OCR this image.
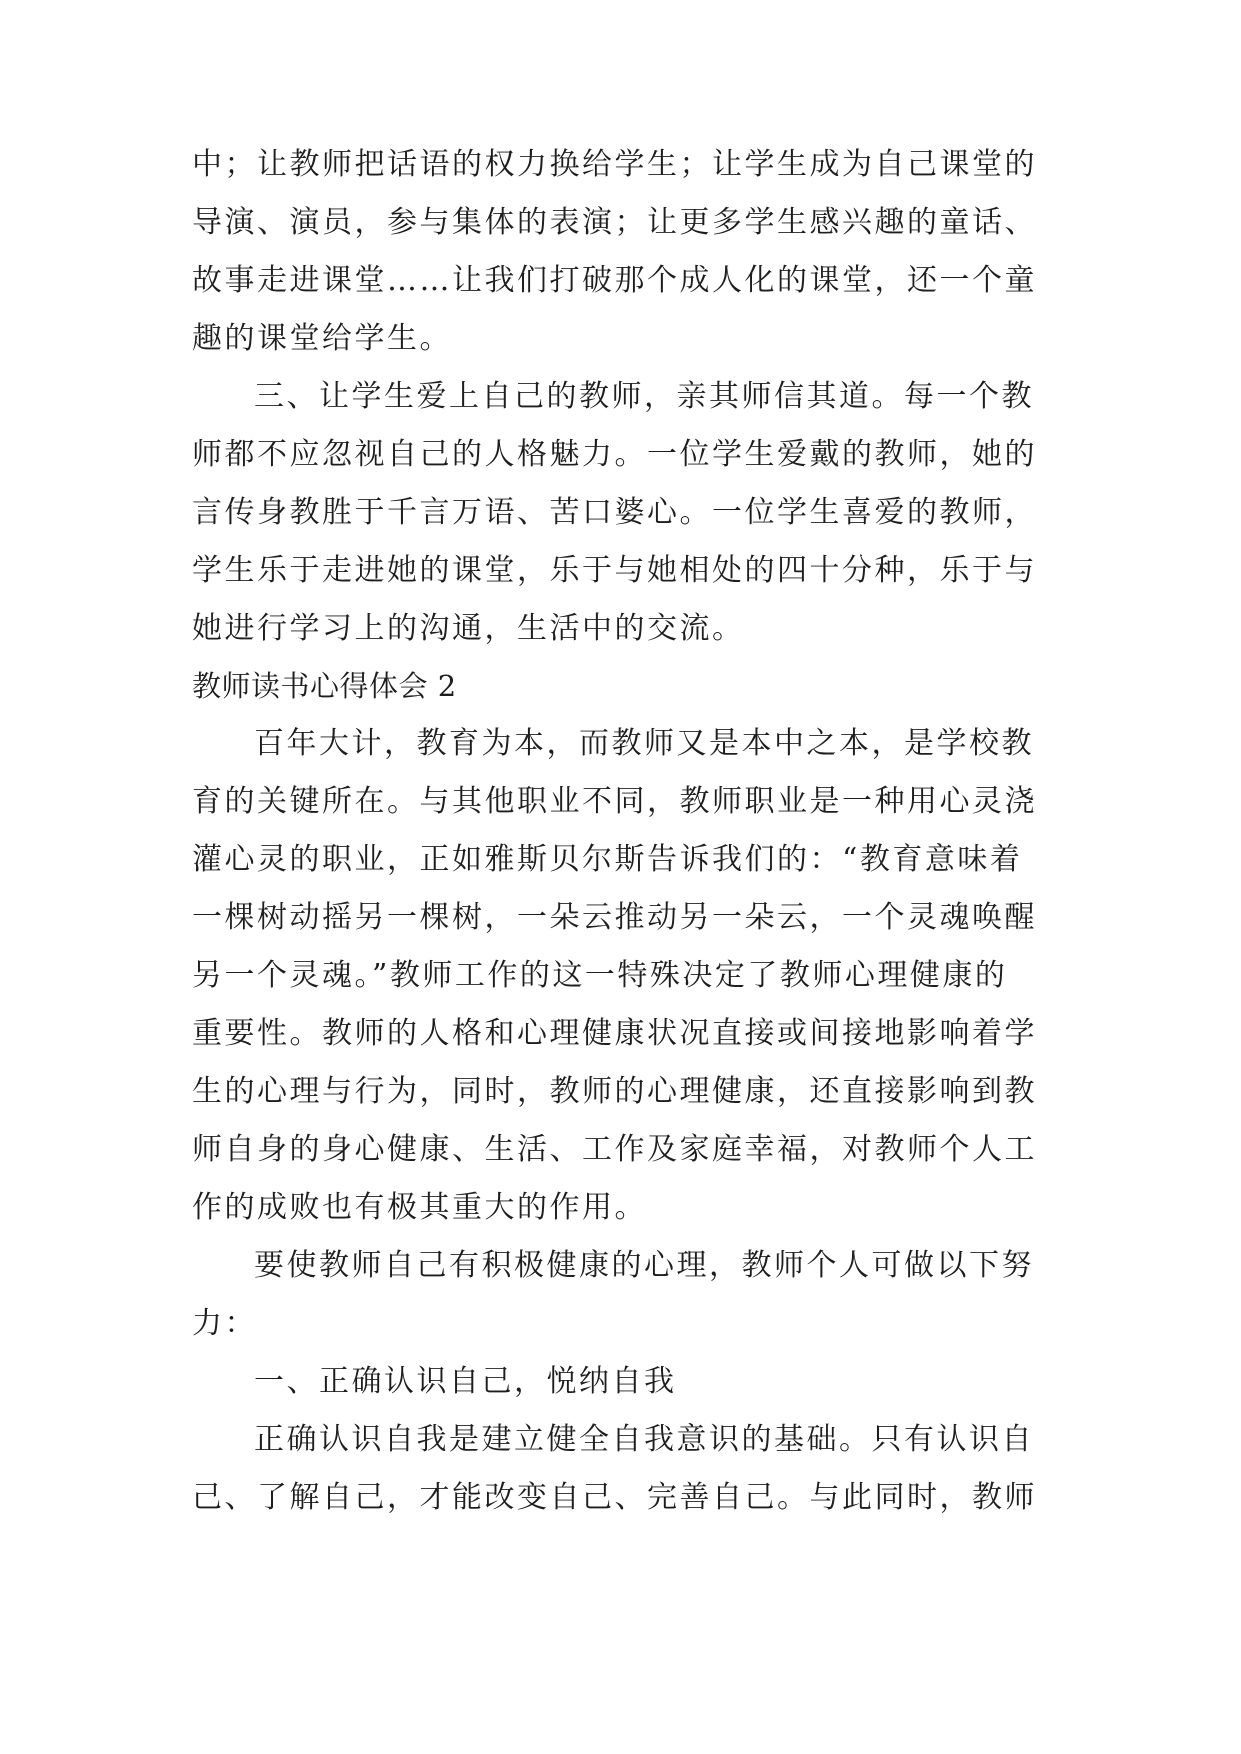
中；让教师把话语的权力换给学生；让学生成为自己课堂的
导演、演员，参与集体的表演；让更多学生感兴趣的童话、
故事走进课堂……让我们打破那个成人化的课堂，还一个童
趣的课堂给学生。
三、让学生爱上自己的教师，亲其师信其道。每一个教
师都不应忽视自己的人格魅力。一位学生爱戴的教师，她的
言传身教胜于千言万语、苦口婆心。一位学生喜爱的教师，
学生乐于走进她的课堂，乐于与她相处的四十分种，乐于与
她进行学习上的沟通，生活中的交流。
教师读书心得体会 2
百年大计，教育为本，而教师又是本中之本，是学校教
育的关键所在。与其他职业不同，教师职业是一种用心灵浇
灌心灵的职业，正如雅斯贝尔斯告诉我们的：“教育意味着
一棵树动摇另一棵树，一朵云推动另一朵云，一个灵魂唤醒
另一个灵魂。”教师工作的这一特殊决定了教师心理健康的
重要性。教师的人格和心理健康状况直接或间接地影响着学
生的心理与行为，同时，教师的心理健康，还直接影响到教
师自身的身心健康、生活、工作及家庭幸福，对教师个人工
作的成败也有极其重大的作用。
要使教师自己有积极健康的心理，教师个人可做以下努
力：
一、正确认识自己，悦纳自我
正确认识自我是建立健全自我意识的基础。只有认识自
己、了解自己，才能改变自己、完善自己。与此同时，教师
